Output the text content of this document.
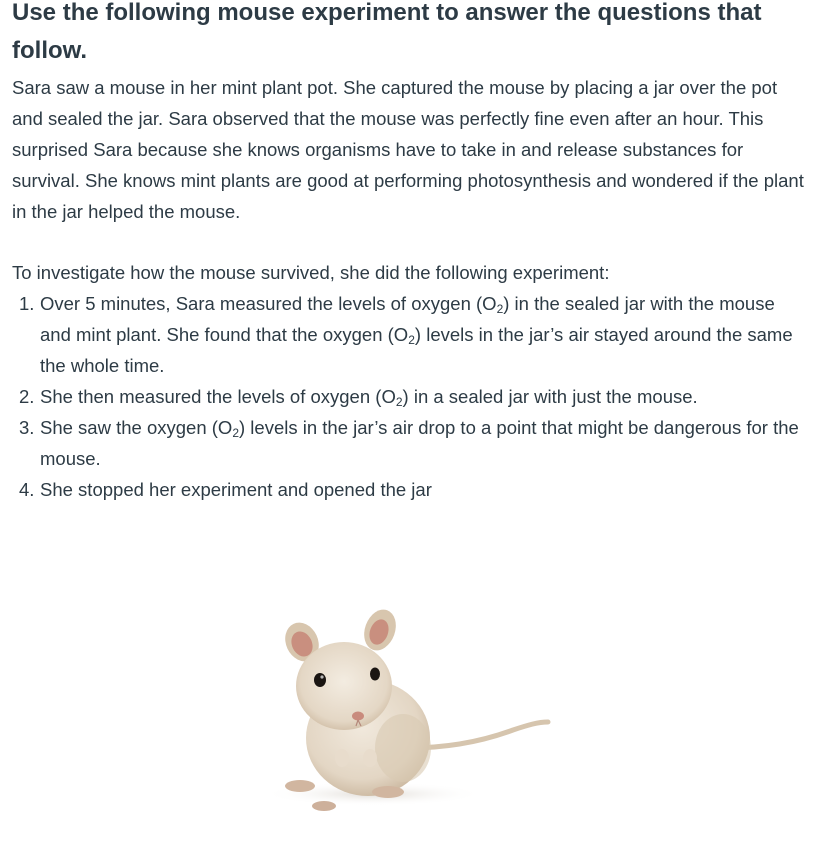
Use the following mouse experiment to answer the questions that follow.

Sara saw a mouse in her mint plant pot. She captured the mouse by placing a jar over the pot and sealed the jar. Sara observed that the mouse was perfectly fine even after an hour. This surprised Sara because she knows organisms have to take in and release substances for survival. She knows mint plants are good at performing photosynthesis and wondered if the plant in the jar helped the mouse.

To investigate how the mouse survived, she did the following experiment:

1. Over 5 minutes, Sara measured the levels of oxygen $(O_2)$ in the sealed jar with the mouse and mint plant. She found that the oxygen $(O_2)$ levels in the jar’s air stayed around the same the whole time.
2. She then measured the levels of oxygen $(O_2)$ in a sealed jar with just the mouse.
3. She saw the oxygen $(O_2)$ levels in the jar’s air drop to a point that might be dangerous for the mouse.
4. She stopped her experiment and opened the jar
